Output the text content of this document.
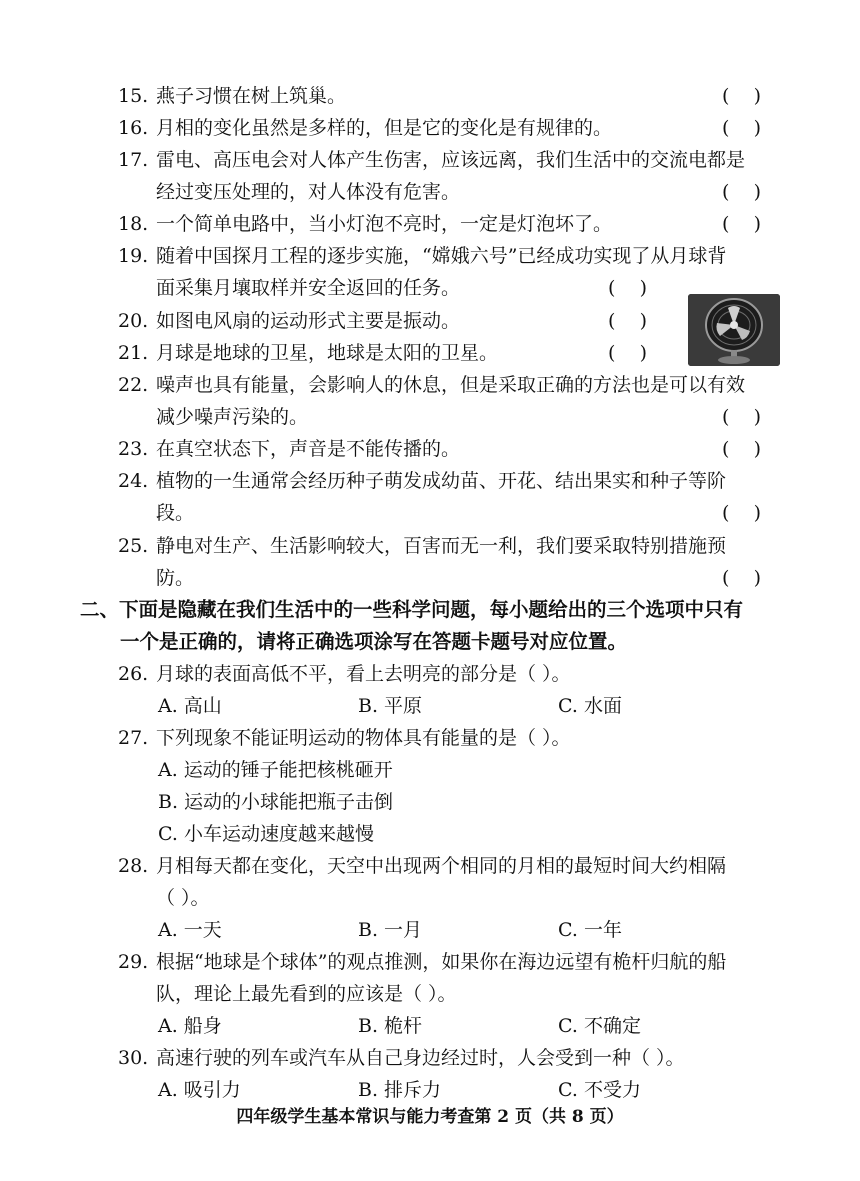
15. 燕子习惯在树上筑巢。	(    )
16. 月相的变化虽然是多样的，但是它的变化是有规律的。	(    )
17. 雷电、高压电会对人体产生伤害，应该远离，我们生活中的交流电都是
经过变压处理的，对人体没有危害。	(    )
18. 一个简单电路中，当小灯泡不亮时，一定是灯泡坏了。	(    )
19. 随着中国探月工程的逐步实施，“嫦娥六号”已经成功实现了从月球背
面采集月壤取样并安全返回的任务。	(    )
20. 如图电风扇的运动形式主要是振动。	(    )
21. 月球是地球的卫星，地球是太阳的卫星。	(    )
22. 噪声也具有能量，会影响人的休息，但是采取正确的方法也是可以有效
减少噪声污染的。	(    )
23. 在真空状态下，声音是不能传播的。	(    )
24. 植物的一生通常会经历种子萌发成幼苗、开花、结出果实和种子等阶
段。	(    )
25. 静电对生产、生活影响较大，百害而无一利，我们要采取特别措施预
防。	(    )
二、下面是隐藏在我们生活中的一些科学问题，每小题给出的三个选项中只有
一个是正确的，请将正确选项涂写在答题卡题号对应位置。
26. 月球的表面高低不平，看上去明亮的部分是（ ）。
A. 高山	B. 平原	C. 水面
27. 下列现象不能证明运动的物体具有能量的是（ ）。
A. 运动的锤子能把核桃砸开
B. 运动的小球能把瓶子击倒
C. 小车运动速度越来越慢
28. 月相每天都在变化，天空中出现两个相同的月相的最短时间大约相隔
（ ）。
A. 一天	B. 一月	C. 一年
29. 根据“地球是个球体”的观点推测，如果你在海边远望有桅杆归航的船
队，理论上最先看到的应该是（ ）。
A. 船身	B. 桅杆	C. 不确定
30. 高速行驶的列车或汽车从自己身边经过时，人会受到一种（ ）。
A. 吸引力	B. 排斥力	C. 不受力
四年级学生基本常识与能力考查第 2 页（共 8 页）
